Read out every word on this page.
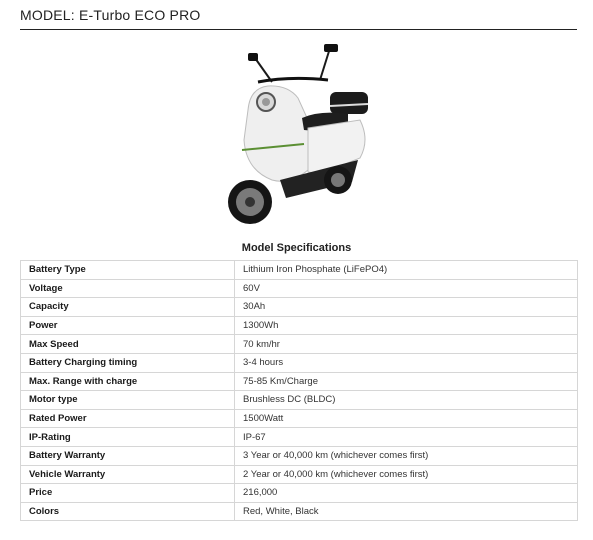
MODEL: E-Turbo ECO PRO
Model Specifications
Battery Type	Lithium Iron Phosphate (LiFePO4)
Voltage	60V
Capacity	30Ah
Power	1300Wh
Max Speed	70 km/hr
Battery Charging timing	3-4 hours
Max. Range with charge	75-85 Km/Charge
Motor type	Brushless DC (BLDC)
Rated Power	1500Watt
IP-Rating	IP-67
Battery Warranty	3 Year or 40,000 km (whichever comes first)
Vehicle Warranty	2 Year or 40,000 km (whichever comes first)
Price	216,000
Colors	Red, White, Black
